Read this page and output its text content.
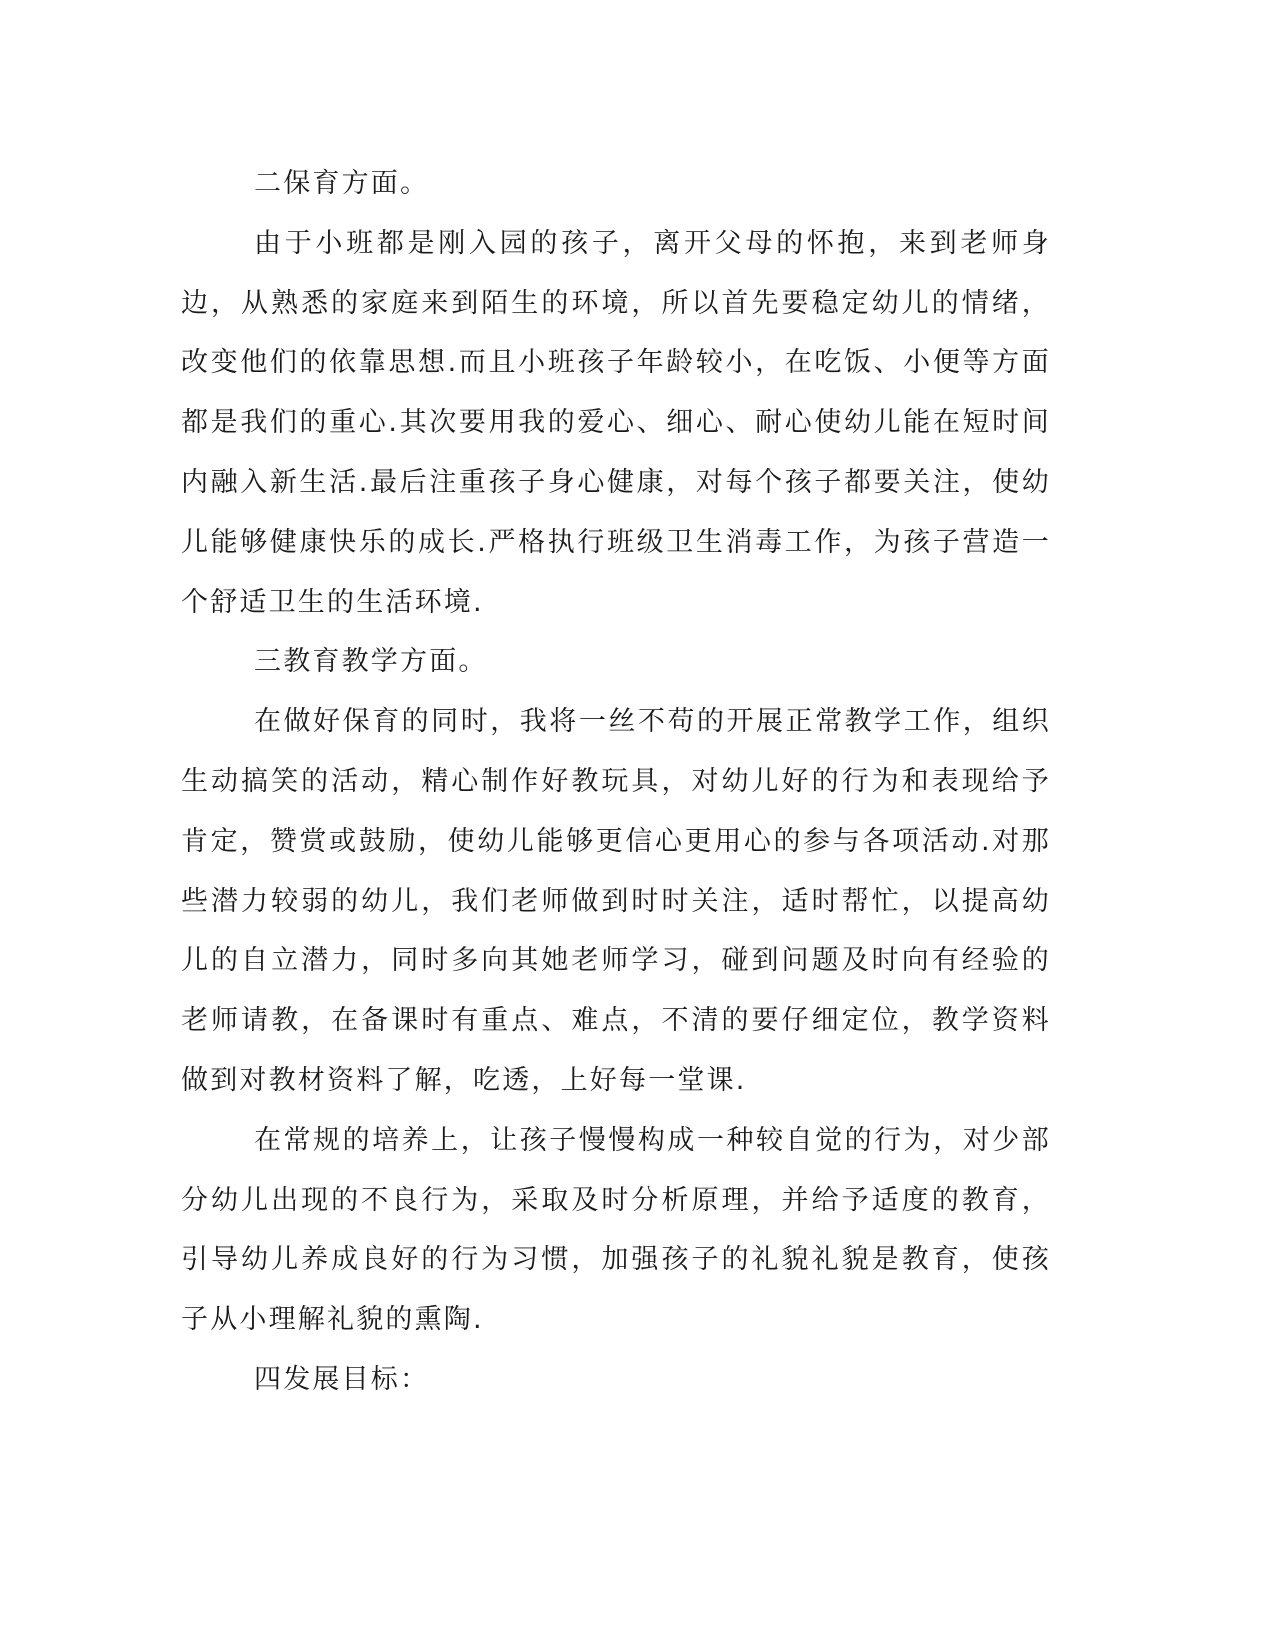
二保育方面。

由于小班都是刚入园的孩子，离开父母的怀抱，来到老师身边，从熟悉的家庭来到陌生的环境，所以首先要稳定幼儿的情绪，改变他们的依靠思想.而且小班孩子年龄较小，在吃饭、小便等方面都是我们的重心.其次要用我的爱心、细心、耐心使幼儿能在短时间内融入新生活.最后注重孩子身心健康，对每个孩子都要关注，使幼儿能够健康快乐的成长.严格执行班级卫生消毒工作，为孩子营造一个舒适卫生的生活环境.

三教育教学方面。

在做好保育的同时，我将一丝不苟的开展正常教学工作，组织生动搞笑的活动，精心制作好教玩具，对幼儿好的行为和表现给予肯定，赞赏或鼓励，使幼儿能够更信心更用心的参与各项活动.对那些潜力较弱的幼儿，我们老师做到时时关注，适时帮忙，以提高幼儿的自立潜力，同时多向其她老师学习，碰到问题及时向有经验的老师请教，在备课时有重点、难点，不清的要仔细定位，教学资料做到对教材资料了解，吃透，上好每一堂课.

在常规的培养上，让孩子慢慢构成一种较自觉的行为，对少部分幼儿出现的不良行为，采取及时分析原理，并给予适度的教育，引导幼儿养成良好的行为习惯，加强孩子的礼貌礼貌是教育，使孩子从小理解礼貌的熏陶.

四发展目标：
